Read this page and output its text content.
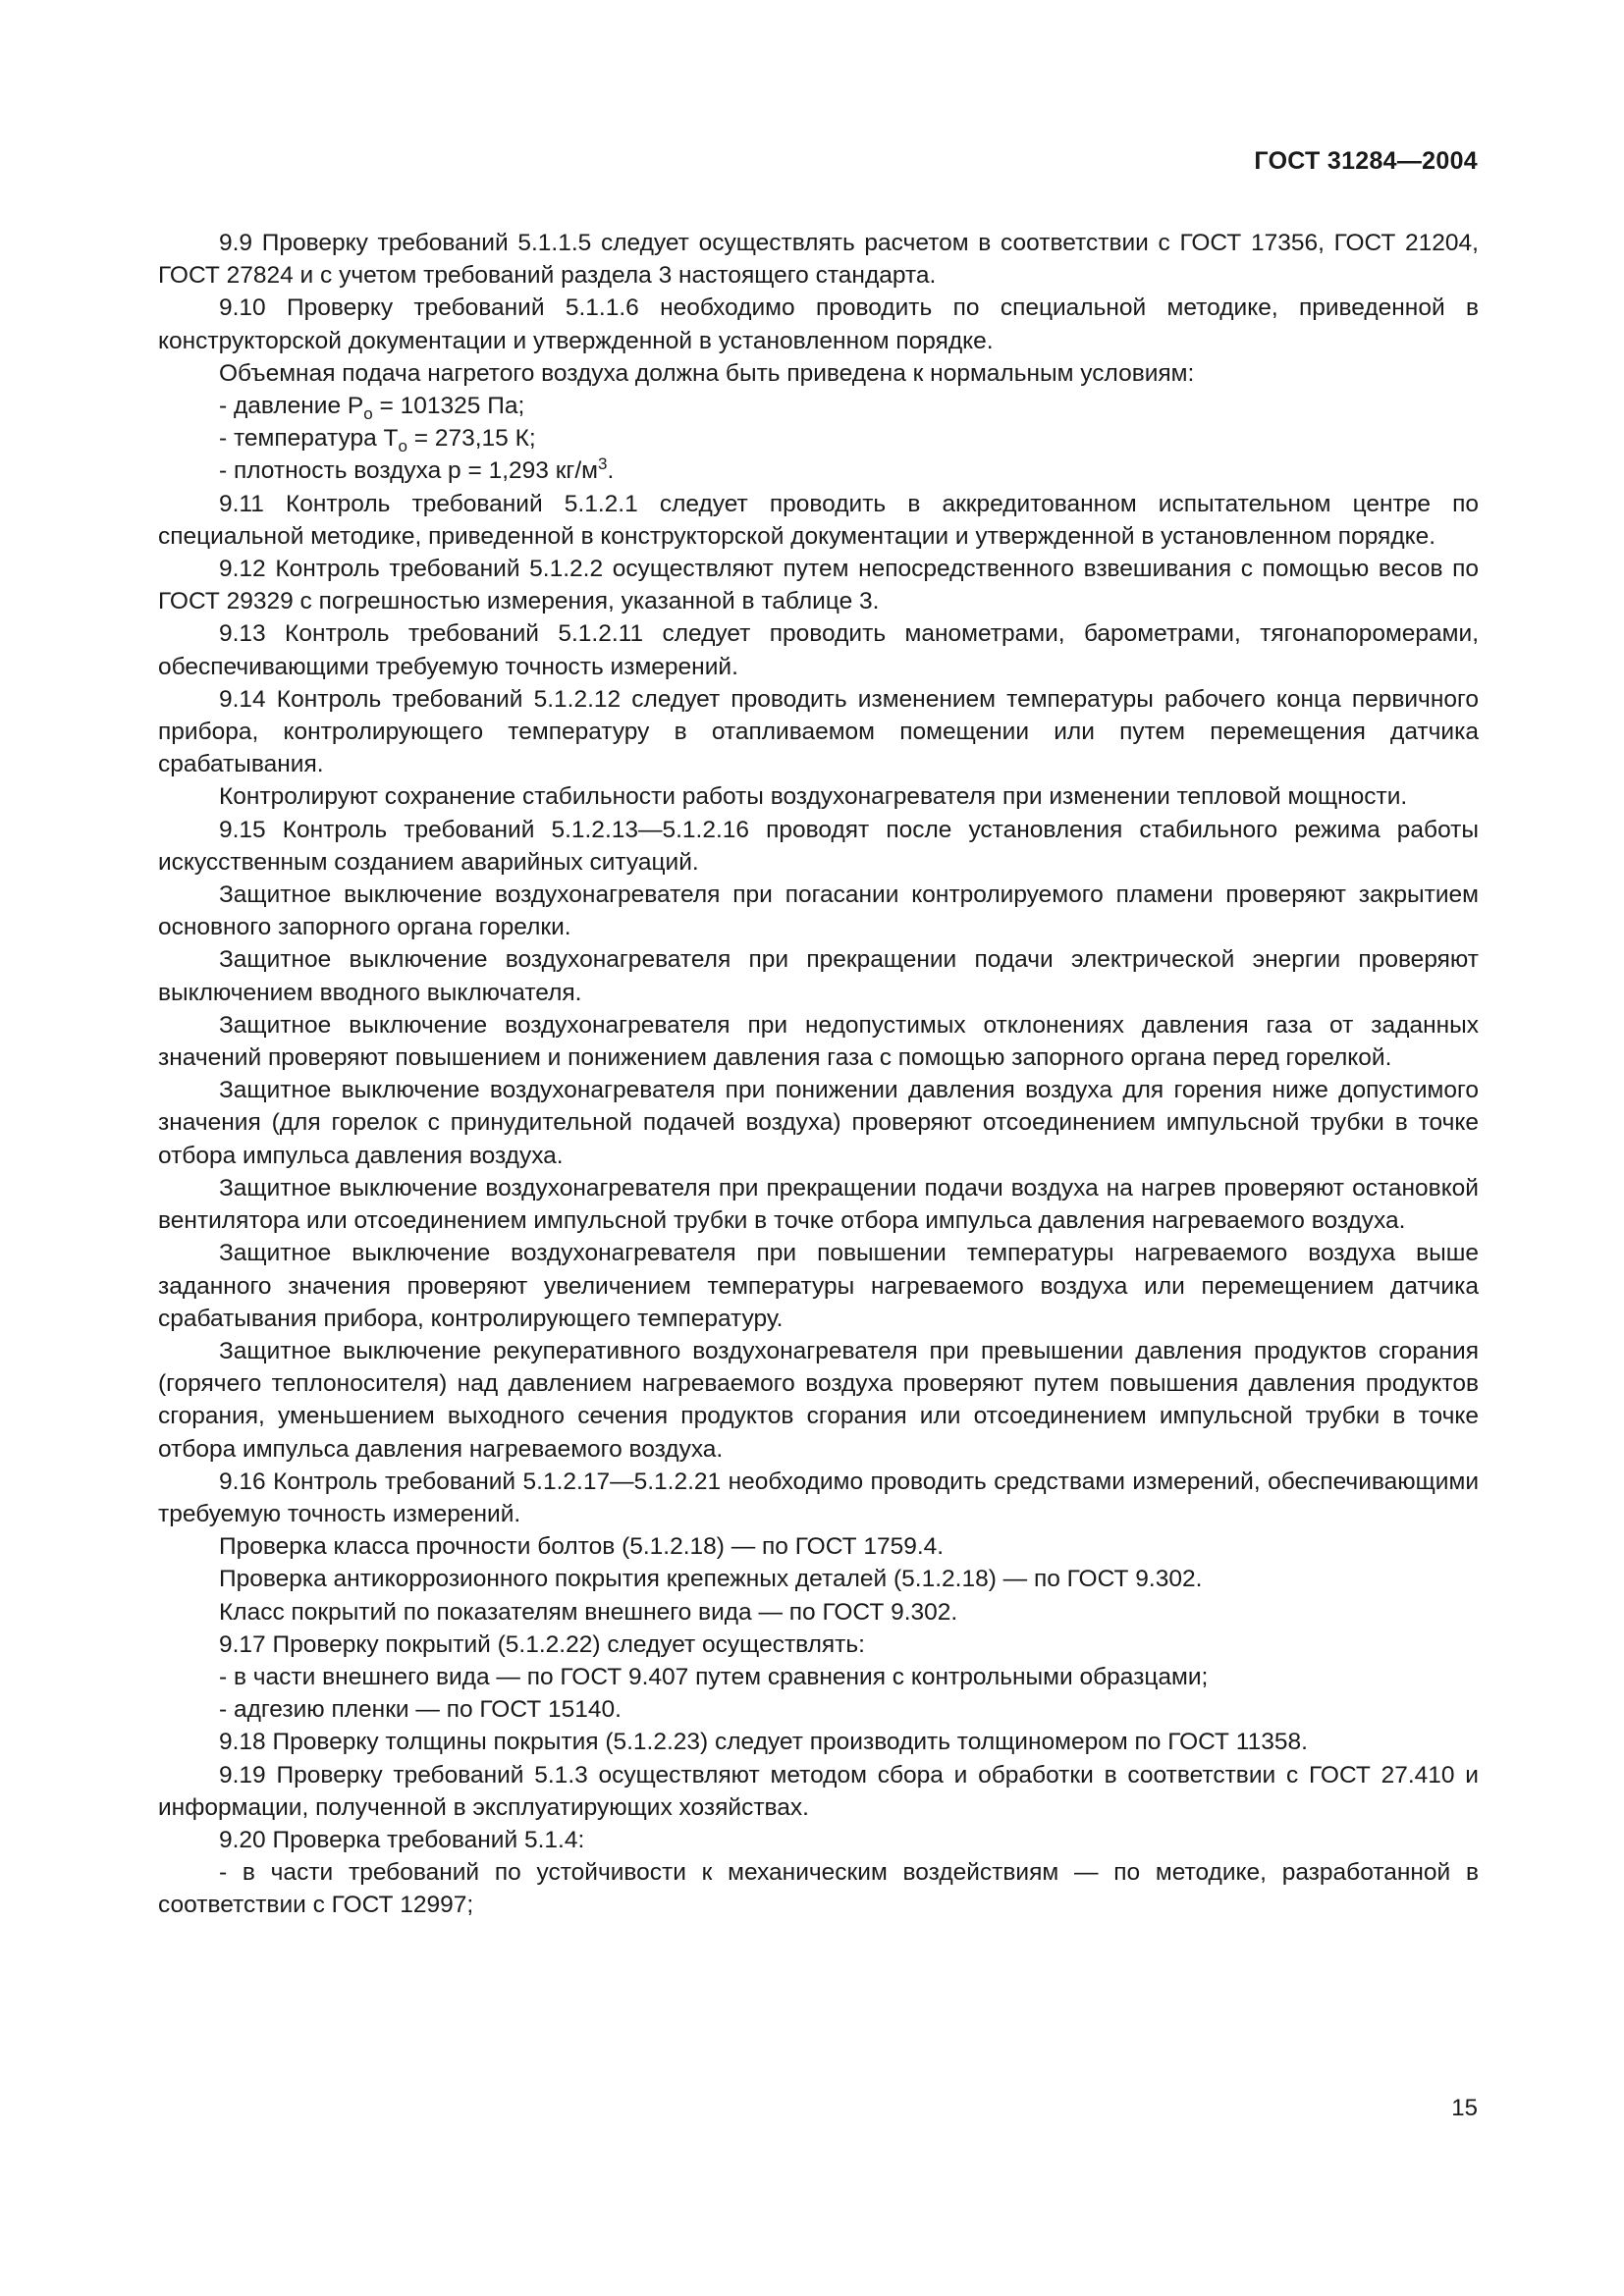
ГОСТ 31284—2004

9.9 Проверку требований 5.1.1.5 следует осуществлять расчетом в соответствии с ГОСТ 17356, ГОСТ 21204, ГОСТ 27824 и с учетом требований раздела 3 настоящего стандарта.

9.10 Проверку требований 5.1.1.6 необходимо проводить по специальной методике, приведенной в конструкторской документации и утвержденной в установленном порядке.

Объемная подача нагретого воздуха должна быть приведена к нормальным условиям:

- давление $P_o = 101325$ Па;

- температура $T_o = 273,15$ К;

- плотность воздуха p = 1,293 $кг/м^3$.

9.11 Контроль требований 5.1.2.1 следует проводить в аккредитованном испытательном центре по специальной методике, приведенной в конструкторской документации и утвержденной в установленном порядке.

9.12 Контроль требований 5.1.2.2 осуществляют путем непосредственного взвешивания с помощью весов по ГОСТ 29329 с погрешностью измерения, указанной в таблице 3.

9.13 Контроль требований 5.1.2.11 следует проводить манометрами, барометрами, тягонапоромерами, обеспечивающими требуемую точность измерений.

9.14 Контроль требований 5.1.2.12 следует проводить изменением температуры рабочего конца первичного прибора, контролирующего температуру в отапливаемом помещении или путем перемещения датчика срабатывания.

Контролируют сохранение стабильности работы воздухонагревателя при изменении тепловой мощности.

9.15 Контроль требований 5.1.2.13—5.1.2.16 проводят после установления стабильного режима работы искусственным созданием аварийных ситуаций.

Защитное выключение воздухонагревателя при погасании контролируемого пламени проверяют закрытием основного запорного органа горелки.

Защитное выключение воздухонагревателя при прекращении подачи электрической энергии проверяют выключением вводного выключателя.

Защитное выключение воздухонагревателя при недопустимых отклонениях давления газа от заданных значений проверяют повышением и понижением давления газа с помощью запорного органа перед горелкой.

Защитное выключение воздухонагревателя при понижении давления воздуха для горения ниже допустимого значения (для горелок с принудительной подачей воздуха) проверяют отсоединением импульсной трубки в точке отбора импульса давления воздуха.

Защитное выключение воздухонагревателя при прекращении подачи воздуха на нагрев проверяют остановкой вентилятора или отсоединением импульсной трубки в точке отбора импульса давления нагреваемого воздуха.

Защитное выключение воздухонагревателя при повышении температуры нагреваемого воздуха выше заданного значения проверяют увеличением температуры нагреваемого воздуха или перемещением датчика срабатывания прибора, контролирующего температуру.

Защитное выключение рекуперативного воздухонагревателя при превышении давления продуктов сгорания (горячего теплоносителя) над давлением нагреваемого воздуха проверяют путем повышения давления продуктов сгорания, уменьшением выходного сечения продуктов сгорания или отсоединением импульсной трубки в точке отбора импульса давления нагреваемого воздуха.

9.16 Контроль требований 5.1.2.17—5.1.2.21 необходимо проводить средствами измерений, обеспечивающими требуемую точность измерений.

Проверка класса прочности болтов (5.1.2.18) — по ГОСТ 1759.4.

Проверка антикоррозионного покрытия крепежных деталей (5.1.2.18) — по ГОСТ 9.302.

Класс покрытий по показателям внешнего вида — по ГОСТ 9.302.

9.17 Проверку покрытий (5.1.2.22) следует осуществлять:

- в части внешнего вида — по ГОСТ 9.407 путем сравнения с контрольными образцами;

- адгезию пленки — по ГОСТ 15140.

9.18 Проверку толщины покрытия (5.1.2.23) следует производить толщиномером по ГОСТ 11358.

9.19 Проверку требований 5.1.3 осуществляют методом сбора и обработки в соответствии с ГОСТ 27.410 и информации, полученной в эксплуатирующих хозяйствах.

9.20 Проверка требований 5.1.4:

- в части требований по устойчивости к механическим воздействиям — по методике, разработанной в соответствии с ГОСТ 12997;

15
